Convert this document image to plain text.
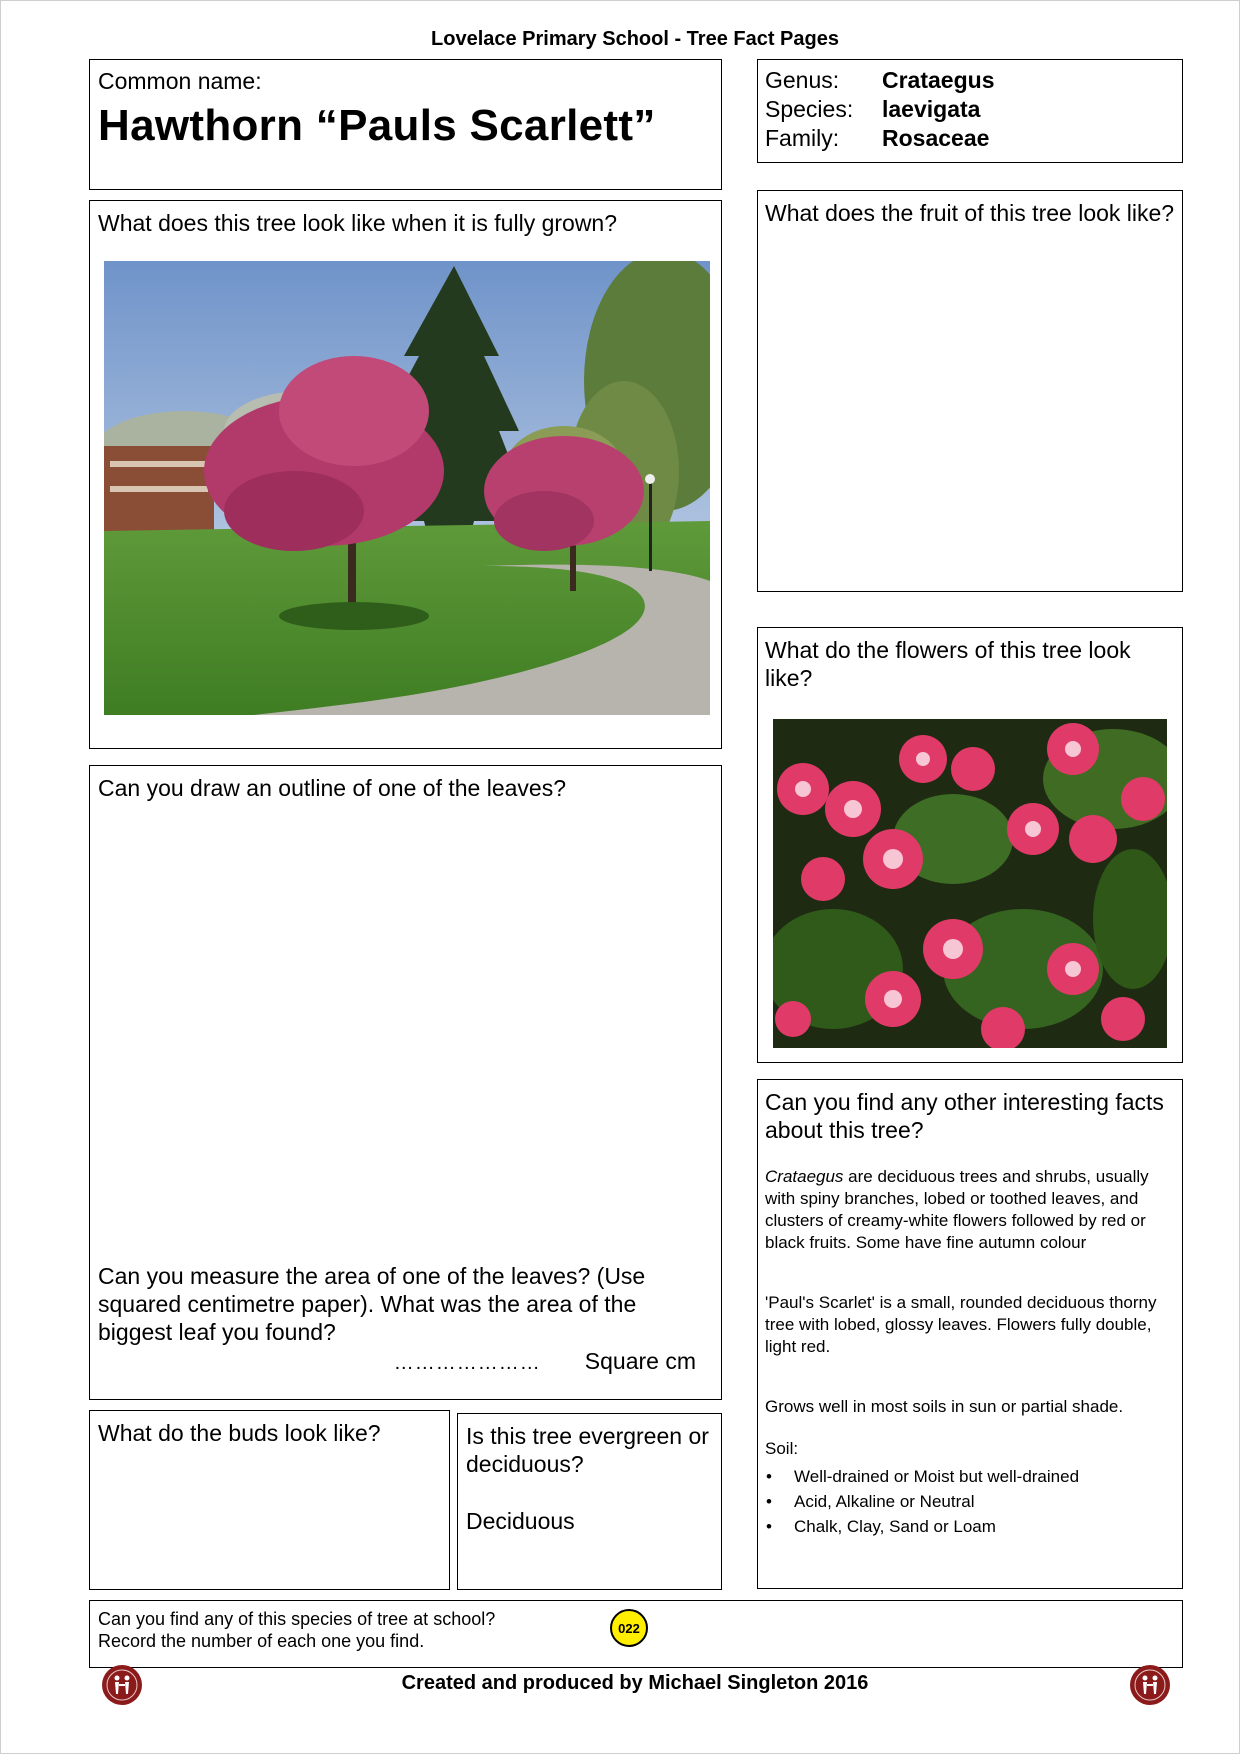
Lovelace Primary School - Tree Fact Pages
Common name:
Hawthorn “Pauls Scarlett”
Genus:	Crataegus
Species:	laevigata
Family:	Rosaceae

What does this tree look like when it is fully grown?	What does the fruit of this tree look like?

What do the flowers of this tree look like?

Can you draw an outline of one of the leaves?

Can you measure the area of one of the leaves? (Use squared centimetre paper). What was the area of the biggest leaf you found?

………………… Square cm

What do the buds look like?	Is this tree evergreen or deciduous?

Deciduous

Can you find any other interesting facts about this tree?

Crataegus are deciduous trees and shrubs, usually with spiny branches, lobed or toothed leaves, and clusters of creamy-white flowers followed by red or black fruits. Some have fine autumn colour

'Paul's Scarlet' is a small, rounded deciduous thorny tree with lobed, glossy leaves. Flowers fully double, light red.

Grows well in most soils in sun or partial shade.

Soil:
• Well-drained or Moist but well-drained
• Acid, Alkaline or Neutral
• Chalk, Clay, Sand or Loam
Can you find any of this species of tree at school?
Record the number of each one you find.
022
Created and produced by Michael Singleton 2016
